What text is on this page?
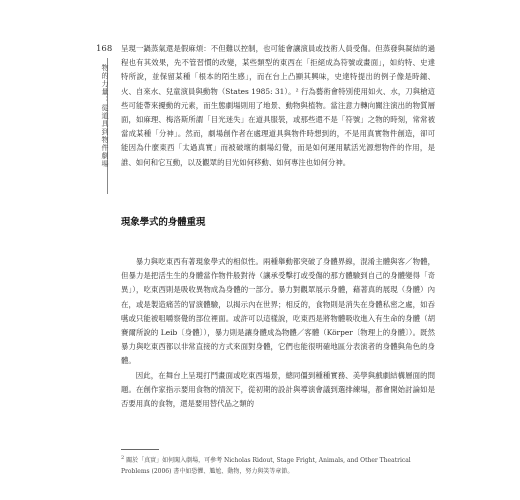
168
物的力量：從道具到物件劇場

呈現一鍋蒸氣還是假麻煩：不但難以控制，也可能會讓演員或技術人員受傷。但蒸發與凝結的過程也有其效果，先不管習慣的改變，某些類型的東西在「拒絕成為符號或畫面」，如約特、史達特所說，並保留某種「根本的陌生感」，而在台上凸顯其興味，史達特提出的例子像是時鐘、火、自來水、兒童演員與動物（States 1985: 31）。² 行為藝術會特別使用如火、水，刀與槍這些可能帶來擾動的元素，而生態劇場則用了地景、動物與植物。當注意力轉向關注演出的物質層面，如麻理、梅洛斯所謂「目光迷失」在道具服裝，或那些還不是「符號」之物的時刻，常常被當成某種「分神」。然而，劇場創作者在處理道具與物件時想到的，不是用真實物件創造，卻可能因為什麼東西「太過真實」而被破壞的劇場幻覺，而是如何運用賦活光源想物件的作用，是誰、如何和它互動，以及觀眾的目光如何移動、如何專注也如何分神。

現象學式的身體重現

暴力與吃東西有著現象學式的相似性。兩種舉動都突破了身體界線，混淆主體與客／物體，但暴力是把活生生的身體當作物件般對待（讓承受擊打或受傷的那方體驗到自己的身體變得「奇異」），吃東西則是吸收異物成為身體的一部分。暴力對觀眾展示身體，藉著真的展現（身體）內在，或是製造痛苦的冒演體驗，以揭示內在世界；相反的，食物則是消失在身體私密之處，如吞嚥或只能被咀嚼察覺的部位裡面。或許可以這樣說，吃東西是將物體吸收進入有生命的身體（胡賽爾所說的 Leib〔身體〕），暴力則是讓身體成為物體／客體（Körper〔物理上的身體〕）。既然暴力與吃東西都以非常直接的方式來面對身體，它們也能很明確地區分表演者的身體與角色的身體。

因此，在舞台上呈現打鬥畫面或吃東西場景，總同僵到種種實務、美學與戲劇結構層面的問題。在創作家指示要用食物的情況下，從初期的設計與導演會議到選排練場，都會開始討論如是否要用真的食物，還是要用替代品之類的

$^2$ 關於「真實」如何闖入劇場，可參考 Nicholas Ridout, Stage Fright, Animals, and Other Theatrical Problems (2006) 書中如恐懼、尷尬、動物，努力與笑等章節。
